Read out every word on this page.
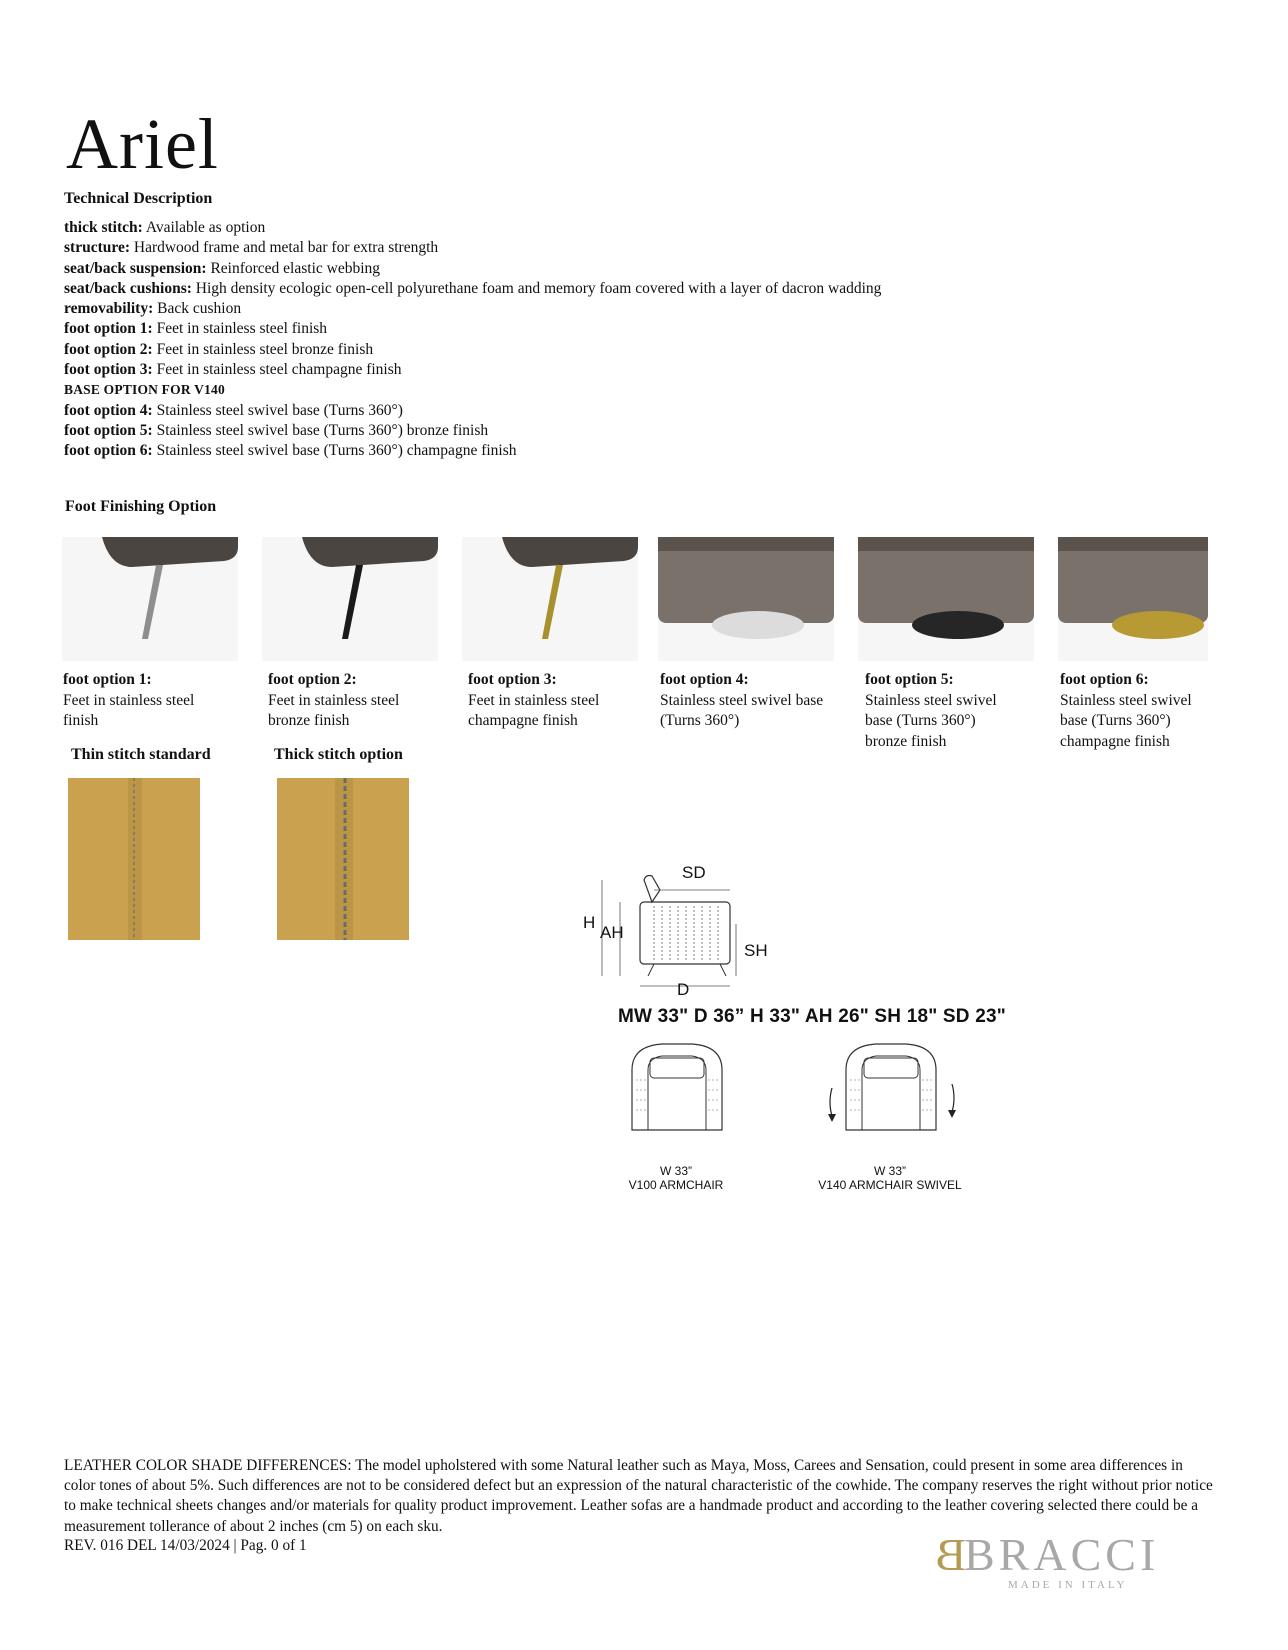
Ariel
Technical Description
thick stitch: Available as option
structure: Hardwood frame and metal bar for extra strength
seat/back suspension: Reinforced elastic webbing
seat/back cushions: High density ecologic open-cell polyurethane foam and memory foam covered with a layer of dacron wadding
removability: Back cushion
foot option 1: Feet in stainless steel finish
foot option 2: Feet in stainless steel bronze finish
foot option 3: Feet in stainless steel champagne finish
BASE OPTION FOR V140
foot option 4: Stainless steel swivel base (Turns 360°)
foot option 5: Stainless steel swivel base (Turns 360°) bronze finish
foot option 6: Stainless steel swivel base (Turns 360°) champagne finish
Foot Finishing Option
foot option 1:
Feet in stainless steel finish
foot option 2:
Feet in stainless steel bronze finish
foot option 3:
Feet in stainless steel champagne finish
foot option 4:
Stainless steel swivel base (Turns 360°)
foot option 5:
Stainless steel swivel base (Turns 360°) bronze finish
foot option 6:
Stainless steel swivel base (Turns 360°) champagne finish
Thin stitch standard	Thick stitch option
SD
H
AH
SH
D
MW 33" D 36” H 33" AH 26" SH 18" SD 23"
W 33”
V100 ARMCHAIR
W 33”
V140 ARMCHAIR SWIVEL
LEATHER COLOR SHADE DIFFERENCES: The model upholstered with some Natural leather such as Maya, Moss, Carees and Sensation, could present in some area differences in color tones of about 5%. Such differences are not to be considered defect but an expression of the natural characteristic of the cowhide. The company reserves the right without prior notice to make technical sheets changes and/or materials for quality product improvement. Leather sofas are a handmade product and according to the leather covering selected there could be a measurement tollerance of about 2 inches (cm 5) on each sku.
REV. 016 DEL 14/03/2024 | Pag. 0 of 1	B
BRACCI
MADE IN ITALY
